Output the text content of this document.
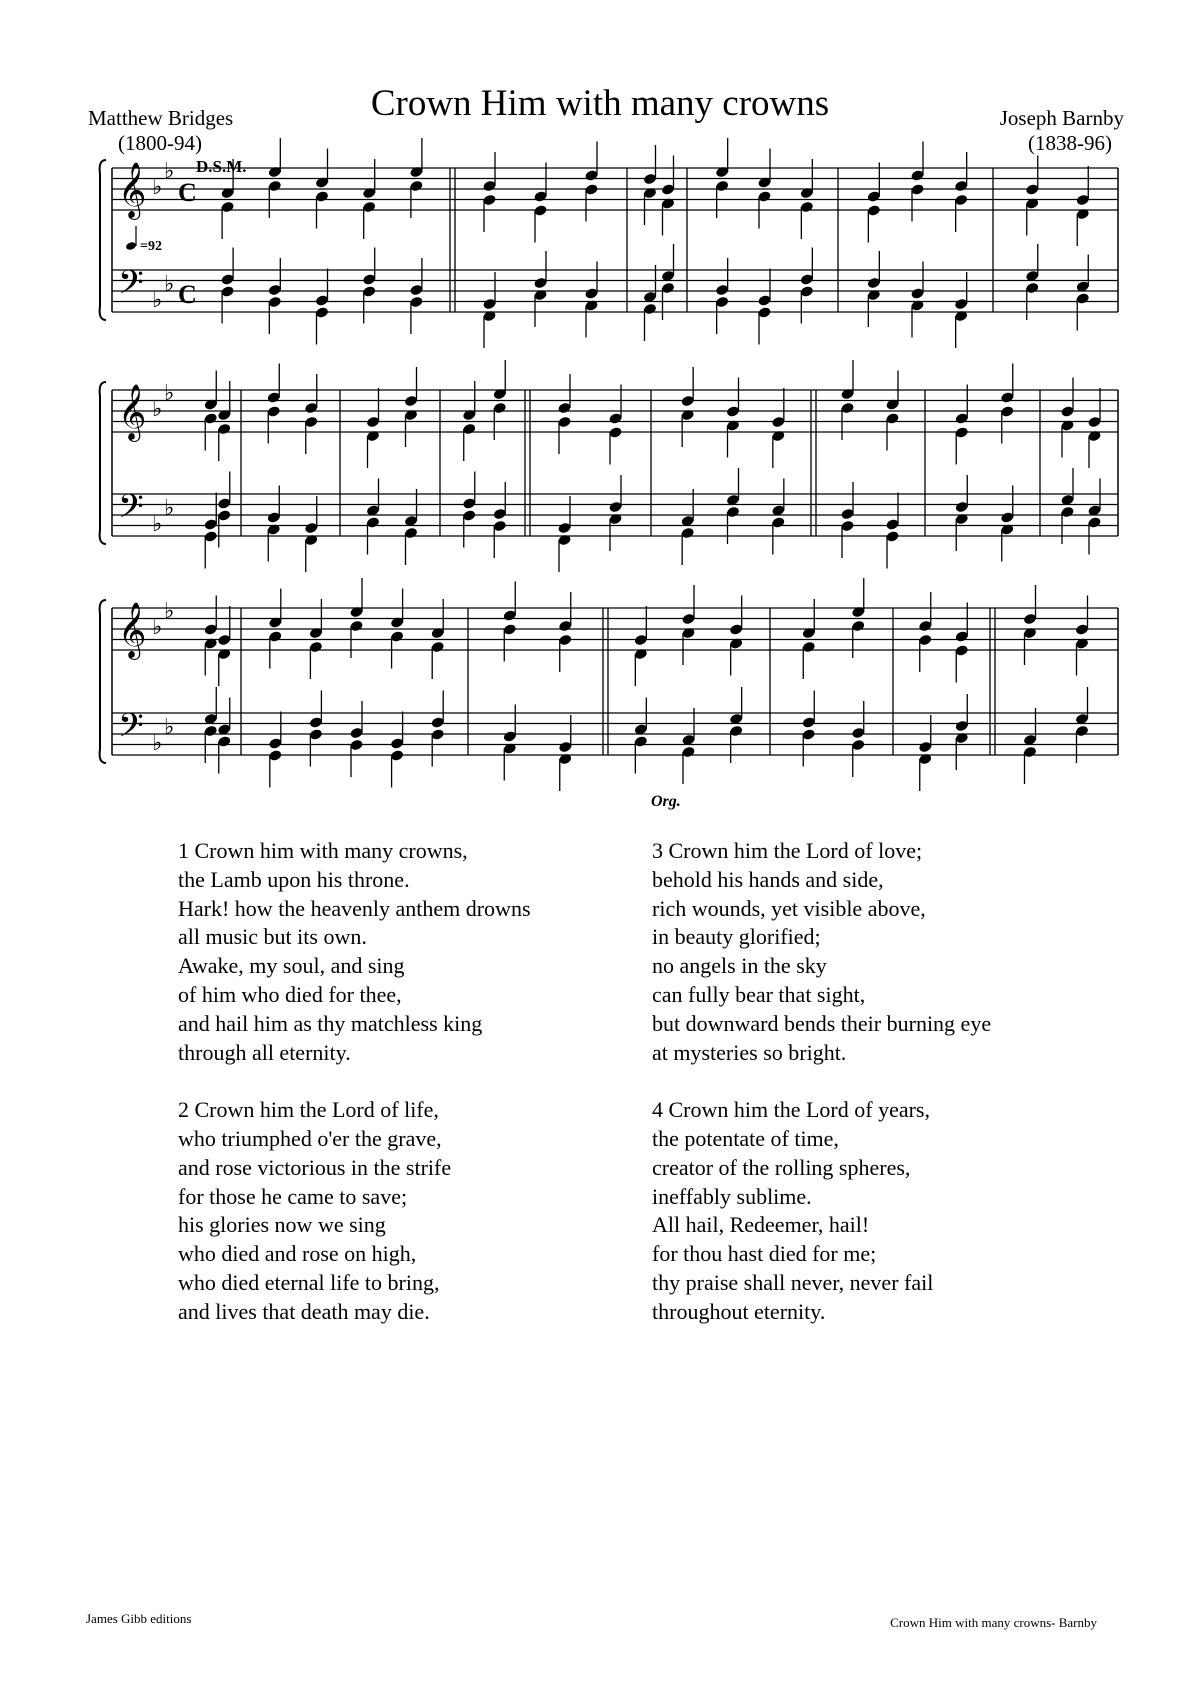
Crown Him with many crowns
Matthew Bridges
(1800-94)
Joseph Barnby
(1838-96)
D.S.M.
=92
Org.
C
C
𝄞
𝄢
♭
♭
♭
♭
𝄞
𝄢
♭
♭
♭
♭
𝄞
𝄢
♭
♭
♭
♭
1 Crown him with many crowns,
the Lamb upon his throne.
Hark! how the heavenly anthem drowns
all music but its own.
Awake, my soul, and sing
of him who died for thee,
and hail him as thy matchless king
through all eternity.
2 Crown him the Lord of life,
who triumphed o'er the grave,
and rose victorious in the strife
for those he came to save;
his glories now we sing
who died and rose on high,
who died eternal life to bring,
and lives that death may die.
3 Crown him the Lord of love;
behold his hands and side,
rich wounds, yet visible above,
in beauty glorified;
no angels in the sky
can fully bear that sight,
but downward bends their burning eye
at mysteries so bright.
4 Crown him the Lord of years,
the potentate of time,
creator of the rolling spheres,
ineffably sublime.
All hail, Redeemer, hail!
for thou hast died for me;
thy praise shall never, never fail
throughout eternity.
James Gibb editions	Crown Him with many crowns- Barnby
